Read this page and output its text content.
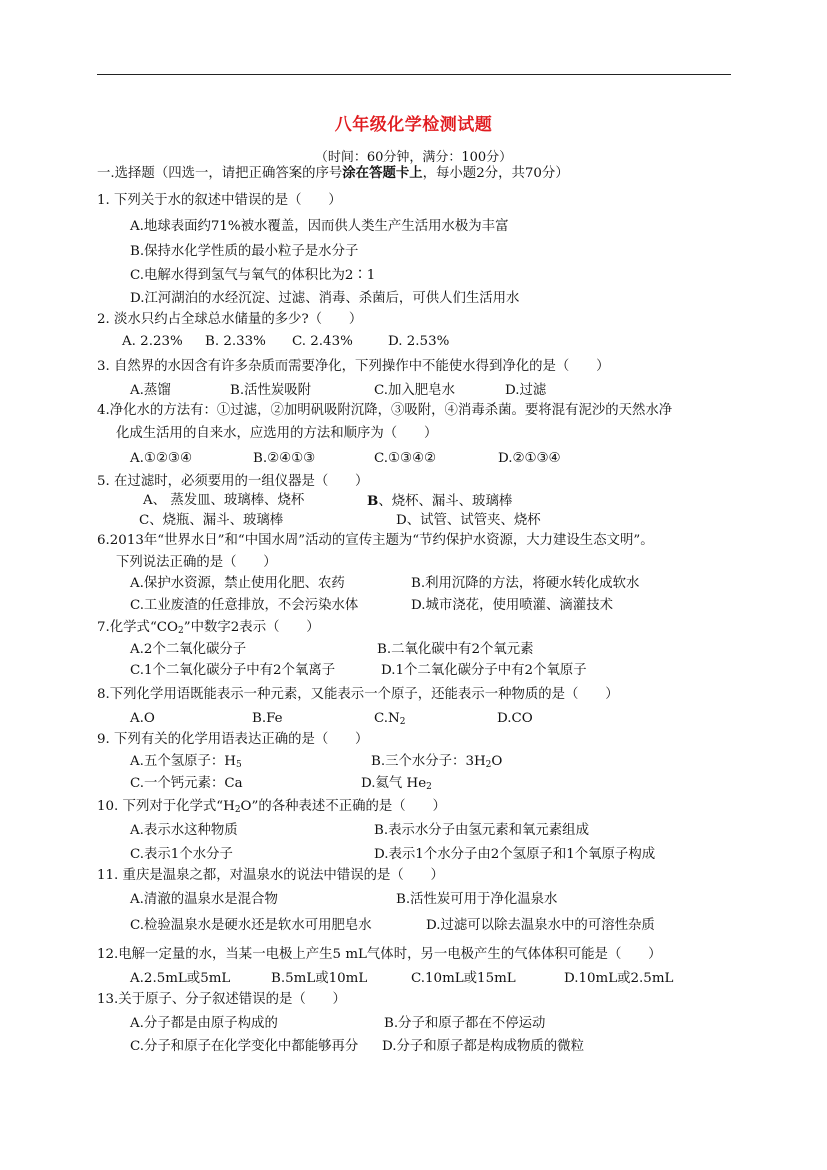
八年级化学检测试题
（时间：60分钟，满分：100分）
一.选择题（四选一，请把正确答案的序号涂在答题卡上，每小题2分，共70分）
1. 下列关于水的叙述中错误的是（　　）
A.地球表面约71%被水覆盖，因而供人类生产生活用水极为丰富
B.保持水化学性质的最小粒子是水分子
C.电解水得到氢气与氧气的体积比为2∶1
D.江河湖泊的水经沉淀、过滤、消毒、杀菌后，可供人们生活用水
2. 淡水只约占全球总水储量的多少?（　　）
A. 2.23% B. 2.33% C. 2.43%	D. 2.53%
3. 自然界的水因含有许多杂质而需要净化，下列操作中不能使水得到净化的是（　　）
A.蒸馏	B.活性炭吸附	C.加入肥皂水	D.过滤
4.净化水的方法有：①过滤，②加明矾吸附沉降，③吸附，④消毒杀菌。要将混有泥沙的天然水净
化成生活用的自来水，应选用的方法和顺序为（　　）
A.①②③④	B.②④①③	C.①③④②	D.②①③④
5. 在过滤时，必须要用的一组仪器是（　　）
A、 蒸发皿、玻璃棒、烧杯	B、烧杯、漏斗、玻璃棒
C、烧瓶、漏斗、玻璃棒	D、试管、试管夹、烧杯
6.2013年“世界水日”和“中国水周”活动的宣传主题为“节约保护水资源，大力建设生态文明”。
下列说法正确的是（　　）
A.保护水资源，禁止使用化肥、农药	B.利用沉降的方法，将硬水转化成软水
C.工业废渣的任意排放，不会污染水体	D.城市浇花，使用喷灌、滴灌技术
7.化学式“$CO_2$”中数字2表示（　　）
A.2个二氧化碳分子	B.二氧化碳中有2个氧元素
C.1个二氧化碳分子中有2个氧离子	D.1个二氧化碳分子中有2个氧原子
8.下列化学用语既能表示一种元素，又能表示一个原子，还能表示一种物质的是（　　）
A.O	B.Fe	$C.N_2$	D.CO
9. 下列有关的化学用语表达正确的是（　　）
A.五个氢原子：$H_5$	B.三个水分子：$3H_2O$
C.一个钙元素：Ca	D.氦气 $He_2$
10. 下列对于化学式“$H_2O$”的各种表述不正确的是（　　）
A.表示水这种物质	B.表示水分子由氢元素和氧元素组成
C.表示1个水分子	D.表示1个水分子由2个氢原子和1个氧原子构成
11. 重庆是温泉之都，对温泉水的说法中错误的是（　　）
A.清澈的温泉水是混合物	B.活性炭可用于净化温泉水
C.检验温泉水是硬水还是软水可用肥皂水	D.过滤可以除去温泉水中的可溶性杂质
12.电解一定量的水，当某一电极上产生5 mL气体时，另一电极产生的气体体积可能是（　　）
A.2.5mL或5mL	B.5mL或10mL	C.10mL或15mL	D.10mL或2.5mL
13.关于原子、分子叙述错误的是（　　）
A.分子都是由原子构成的	B.分子和原子都在不停运动
C.分子和原子在化学变化中都能够再分 D.分子和原子都是构成物质的微粒
